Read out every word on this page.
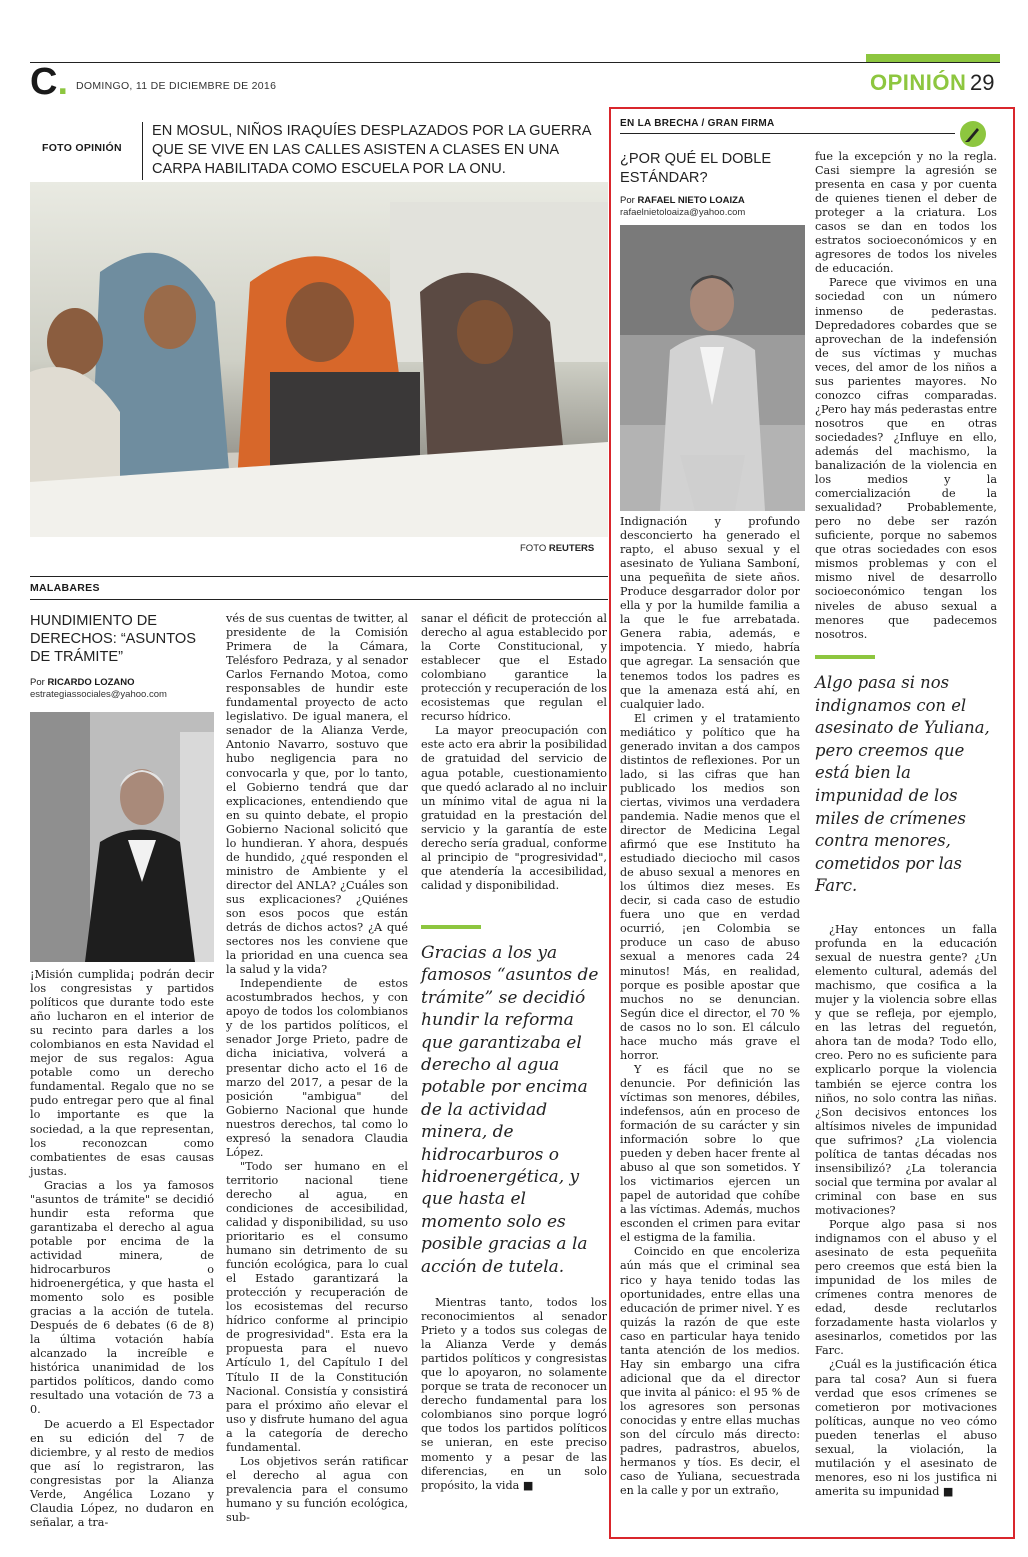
C. DOMINGO, 11 DE DICIEMBRE DE 2016	OPINIÓN 29
FOTO OPINIÓN
EN MOSUL, NIÑOS IRAQUÍES DESPLAZADOS POR LA GUERRA QUE SE VIVE EN LAS CALLES ASISTEN A CLASES EN UNA CARPA HABILITADA COMO ESCUELA POR LA ONU.
FOTO REUTERS
MALABARES
HUNDIMIENTO DE DERECHOS: “ASUNTOS DE TRÁMITE”
Por RICARDO LOZANO
estrategiassociales@yahoo.com

¡Misión cumplida¡ podrán decir los congresistas y partidos políticos que durante todo este año lucharon en el interior de su recinto para darles a los colombianos en esta Navidad el mejor de sus regalos: Agua potable como un derecho fundamental. Regalo que no se pudo entregar pero que al final lo importante es que la sociedad, a la que representan, los reconozcan como combatientes de esas causas justas.

Gracias a los ya famosos "asuntos de trámite" se decidió hundir esta reforma que garantizaba el derecho al agua potable por encima de la actividad minera, de hidrocarburos o hidroenergética, y que hasta el momento solo es posible gracias a la acción de tutela. Después de 6 debates (6 de 8) la última votación había alcanzado la increíble e histórica unanimidad de los partidos políticos, dando como resultado una votación de 73 a 0.

De acuerdo a El Espectador en su edición del 7 de diciembre, y al resto de medios que así lo registraron, las congresistas por la Alianza Verde, Angélica Lozano y Claudia López, no dudaron en señalar, a tra-

vés de sus cuentas de twitter, al presidente de la Comisión Primera de la Cámara, Telésforo Pedraza, y al senador Carlos Fernando Motoa, como responsables de hundir este fundamental proyecto de acto legislativo. De igual manera, el senador de la Alianza Verde, Antonio Navarro, sostuvo que hubo negligencia para no convocarla y que, por lo tanto, el Gobierno tendrá que dar explicaciones, entendiendo que en su quinto debate, el propio Gobierno Nacional solicitó que lo hundieran. Y ahora, después de hundido, ¿qué responden el ministro de Ambiente y el director del ANLA? ¿Cuáles son sus explicaciones? ¿Quiénes son esos pocos que están detrás de dichos actos? ¿A qué sectores nos les conviene que la prioridad en una cuenca sea la salud y la vida?

Independiente de estos acostumbrados hechos, y con apoyo de todos los colombianos y de los partidos políticos, el senador Jorge Prieto, padre de dicha iniciativa, volverá a presentar dicho acto el 16 de marzo del 2017, a pesar de la posición "ambigua" del Gobierno Nacional que hunde nuestros derechos, tal como lo expresó la senadora Claudia López.

"Todo ser humano en el territorio nacional tiene derecho al agua, en condiciones de accesibilidad, calidad y disponibilidad, su uso prioritario es el consumo humano sin detrimento de su función ecológica, para lo cual el Estado garantizará la protección y recuperación de los ecosistemas del recurso hídrico conforme al principio de progresividad". Esta era la propuesta para el nuevo Artículo 1, del Capítulo I del Título II de la Constitución Nacional. Consistía y consistirá para el próximo año elevar el uso y disfrute humano del agua a la categoría de derecho fundamental.

Los objetivos serán ratificar el derecho al agua con prevalencia para el consumo humano y su función ecológica, sub-

sanar el déficit de protección al derecho al agua establecido por la Corte Constitucional, y establecer que el Estado colombiano garantice la protección y recuperación de los ecosistemas que regulan el recurso hídrico.

La mayor preocupación con este acto era abrir la posibilidad de gratuidad del servicio de agua potable, cuestionamiento que quedó aclarado al no incluir un mínimo vital de agua ni la gratuidad en la prestación del servicio y la garantía de este derecho sería gradual, conforme al principio de "progresividad", que atendería la accesibilidad, calidad y disponibilidad.

Gracias a los ya famosos “asuntos de trámite” se decidió hundir la reforma que garantizaba el derecho al agua potable por encima de la actividad minera, de hidrocarburos o hidroenergética, y que hasta el momento solo es posible gracias a la acción de tutela.

Mientras tanto, todos los reconocimientos al senador Prieto y a todos sus colegas de la Alianza Verde y demás partidos políticos y congresistas que lo apoyaron, no solamente porque se trata de reconocer un derecho fundamental para los colombianos sino porque logró que todos los partidos políticos se unieran, en este preciso momento y a pesar de las diferencias, en un solo propósito, la vida ■

EN LA BRECHA / GRAN FIRMA
¿POR QUÉ EL DOBLE ESTÁNDAR?
Por RAFAEL NIETO LOAIZA
rafaelnietoloaiza@yahoo.com

Indignación y profundo desconcierto ha generado el rapto, el abuso sexual y el asesinato de Yuliana Samboní, una pequeñita de siete años. Produce desgarrador dolor por ella y por la humilde familia a la que le fue arrebatada. Genera rabia, además, e impotencia. Y miedo, habría que agregar. La sensación que tenemos todos los padres es que la amenaza está ahí, en cualquier lado.

El crimen y el tratamiento mediático y político que ha generado invitan a dos campos distintos de reflexiones. Por un lado, si las cifras que han publicado los medios son ciertas, vivimos una verdadera pandemia. Nadie menos que el director de Medicina Legal afirmó que ese Instituto ha estudiado dieciocho mil casos de abuso sexual a menores en los últimos diez meses. Es decir, si cada caso de estudio fuera uno que en verdad ocurrió, ¡en Colombia se produce un caso de abuso sexual a menores cada 24 minutos! Más, en realidad, porque es posible apostar que muchos no se denuncian. Según dice el director, el 70 % de casos no lo son. El cálculo hace mucho más grave el horror.

Y es fácil que no se denuncie. Por definición las víctimas son menores, débiles, indefensos, aún en proceso de formación de su carácter y sin información sobre lo que pueden y deben hacer frente al abuso al que son sometidos. Y los victimarios ejercen un papel de autoridad que cohíbe a las víctimas. Además, muchos esconden el crimen para evitar el estigma de la familia.

Coincido en que encoleriza aún más que el criminal sea rico y haya tenido todas las oportunidades, entre ellas una educación de primer nivel. Y es quizás la razón de que este caso en particular haya tenido tanta atención de los medios. Hay sin embargo una cifra adicional que da el director que invita al pánico: el 95 % de los agresores son personas conocidas y entre ellas muchas son del círculo más directo: padres, padrastros, abuelos, hermanos y tíos. Es decir, el caso de Yuliana, secuestrada en la calle y por un extraño,

fue la excepción y no la regla. Casi siempre la agresión se presenta en casa y por cuenta de quienes tienen el deber de proteger a la criatura. Los casos se dan en todos los estratos socioeconómicos y en agresores de todos los niveles de educación.

Parece que vivimos en una sociedad con un número inmenso de pederastas. Depredadores cobardes que se aprovechan de la indefensión de sus víctimas y muchas veces, del amor de los niños a sus parientes mayores. No conozco cifras comparadas. ¿Pero hay más pederastas entre nosotros que en otras sociedades? ¿Influye en ello, además del machismo, la banalización de la violencia en los medios y la comercialización de la sexualidad? Probablemente, pero no debe ser razón suficiente, porque no sabemos que otras sociedades con esos mismos problemas y con el mismo nivel de desarrollo socioeconómico tengan los niveles de abuso sexual a menores que padecemos nosotros.

Algo pasa si nos indignamos con el asesinato de Yuliana, pero creemos que está bien la impunidad de los miles de crímenes contra menores, cometidos por las Farc.

¿Hay entonces un falla profunda en la educación sexual de nuestra gente? ¿Un elemento cultural, además del machismo, que cosifica a la mujer y la violencia sobre ellas y que se refleja, por ejemplo, en las letras del reguetón, ahora tan de moda? Todo ello, creo. Pero no es suficiente para explicarlo porque la violencia también se ejerce contra los niños, no solo contra las niñas. ¿Son decisivos entonces los altísimos niveles de impunidad que sufrimos? ¿La violencia política de tantas décadas nos insensibilizó? ¿La tolerancia social que termina por avalar al criminal con base en sus motivaciones?

Porque algo pasa si nos indignamos con el abuso y el asesinato de esta pequeñita pero creemos que está bien la impunidad de los miles de crímenes contra menores de edad, desde reclutarlos forzadamente hasta violarlos y asesinarlos, cometidos por las Farc.

¿Cuál es la justificación ética para tal cosa? Aun si fuera verdad que esos crímenes se cometieron por motivaciones políticas, aunque no veo cómo pueden tenerlas el abuso sexual, la violación, la mutilación y el asesinato de menores, eso ni los justifica ni amerita su impunidad ■
